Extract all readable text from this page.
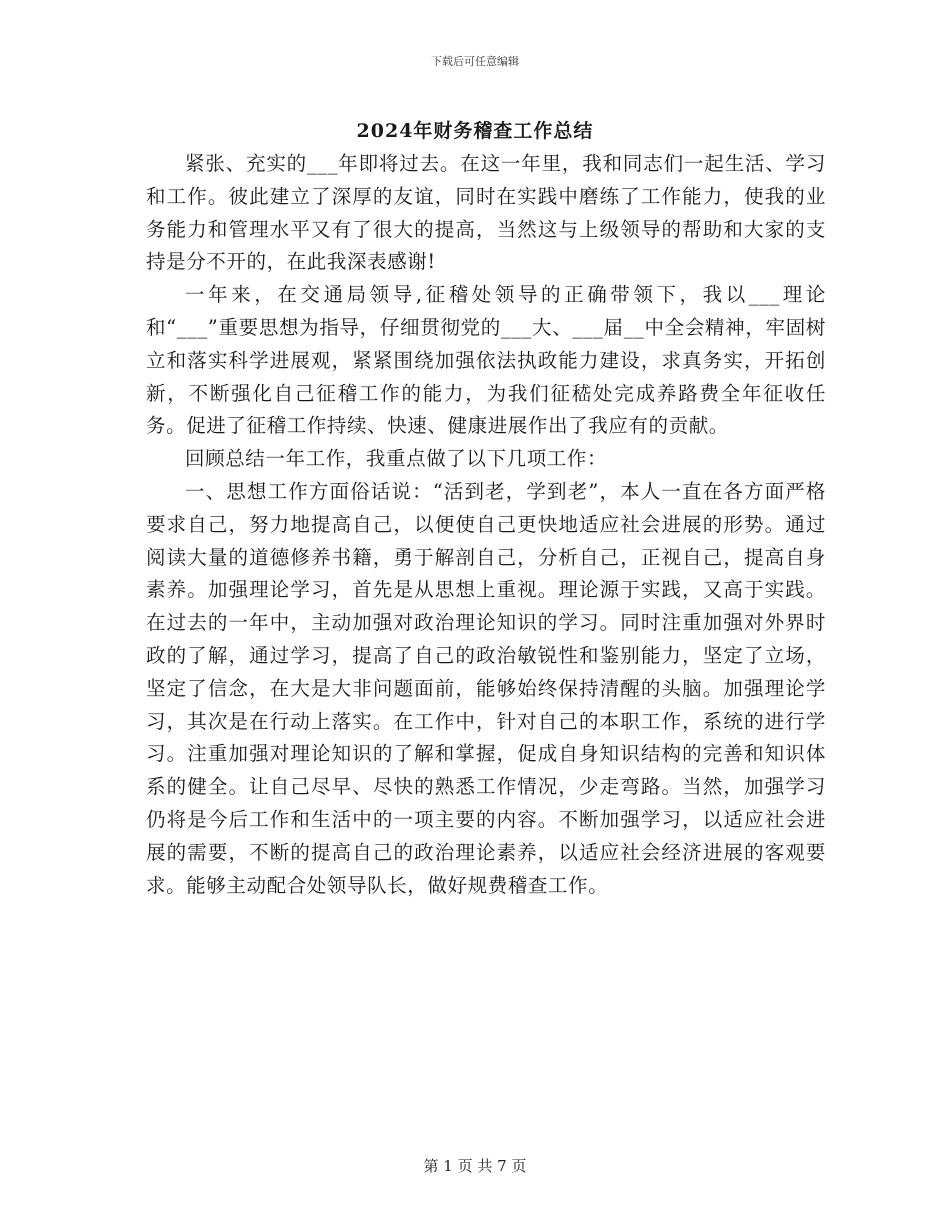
下载后可任意编辑
2024年财务稽查工作总结

紧张、充实的___年即将过去。在这一年里，我和同志们一起生活、学习和工作。彼此建立了深厚的友谊，同时在实践中磨练了工作能力，使我的业务能力和管理水平又有了很大的提高，当然这与上级领导的帮助和大家的支持是分不开的，在此我深表感谢!

一年来，在交通局领导,征稽处领导的正确带领下，我以___理论和“___”重要思想为指导，仔细贯彻党的___大、___届__中全会精神，牢固树立和落实科学进展观，紧紧围绕加强依法执政能力建设，求真务实，开拓创新，不断强化自己征稽工作的能力，为我们征嵇处完成养路费全年征收任务。促进了征稽工作持续、快速、健康进展作出了我应有的贡献。

回顾总结一年工作，我重点做了以下几项工作：

一、思想工作方面俗话说：“活到老，学到老”，本人一直在各方面严格要求自己，努力地提高自己，以便使自己更快地适应社会进展的形势。通过阅读大量的道德修养书籍，勇于解剖自己，分析自己，正视自己，提高自身素养。加强理论学习，首先是从思想上重视。理论源于实践，又高于实践。在过去的一年中，主动加强对政治理论知识的学习。同时注重加强对外界时政的了解，通过学习，提高了自己的政治敏锐性和鉴别能力，坚定了立场，坚定了信念，在大是大非问题面前，能够始终保持清醒的头脑。加强理论学习，其次是在行动上落实。在工作中，针对自己的本职工作，系统的进行学习。注重加强对理论知识的了解和掌握，促成自身知识结构的完善和知识体系的健全。让自己尽早、尽快的熟悉工作情况，少走弯路。当然，加强学习仍将是今后工作和生活中的一项主要的内容。不断加强学习，以适应社会进展的需要，不断的提高自己的政治理论素养，以适应社会经济进展的客观要求。能够主动配合处领导队长，做好规费稽查工作。

第 1 页 共 7 页
